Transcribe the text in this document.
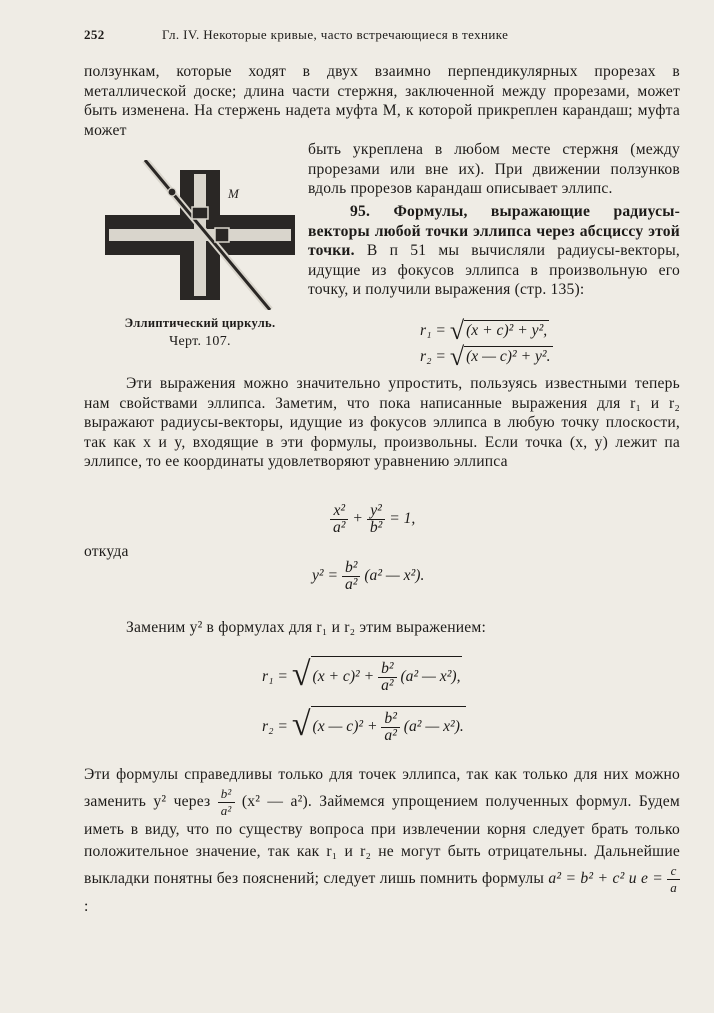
252	Гл. IV. Некоторые кривые, часто встречающиеся в технике

ползункам, которые ходят в двух взаимно перпендикулярных прорезах в металлической доске; длина части стержня, заключенной между прорезами, может быть изменена. На стержень надета муфта M, к которой прикреплен карандаш; муфта может

быть укреплена в любом месте стержня (между прорезами или вне их). При движении ползунков вдоль прорезов карандаш описывает эллипс.

95. Формулы, выражающие радиусы-векторы любой точки эллипса через абсциссу этой точки. В п 51 мы вычисляли радиусы-векторы, идущие из фокусов эллипса в произвольную его точку, и получили выражения (стр. 135):

M
Эллиптический циркуль.
Черт. 107.
r₁ = √ (x + c)² + y²,
r₂ = √ (x — c)² + y².

Эти выражения можно значительно упростить, пользуясь известными теперь нам свойствами эллипса. Заметим, что пока написанные выражения для r₁ и r₂ выражают радиусы-векторы, идущие из фокусов эллипса в любую точку плоскости, так как x и y, входящие в эти формулы, произвольны. Если точка (x, y) лежит па эллипсе, то ее координаты удовлетворяют уравнению эллипса

$\frac{\text{x²}}{\text{a²}} + \frac{\text{y²}}{\text{b²}} = 1$,

откуда

$y^2 = \frac{\text{b²}}{\text{a²}} (a^2$ — x²).

Заменим y² в формулах для r₁ и r₂ этим выражением:

r₁ = √ $(x + c)^2 + \frac{\text{b²}}{\text{a²}} (a^2$ — x²),
r₂ = √ (x — $c)^2 + \frac{\text{b²}}{\text{a²}} (a^2$ — x²).

Эти формулы справедливы только для точек эллипса, так как только для них можно заменить y² через $\frac{\text{b²}}{\text{a²}} (x^2$ — a²). Займемся упрощением полученных формул. Будем иметь в виду, что по существу вопроса при извлечении корня следует брать только положительное значение, так как r₁ и r₂ не могут быть отрицательны. Дальнейшие выкладки понятны без пояснений; следует лишь помнить формулы a² = b² + c² и $e = \frac{c}{a}$
:
